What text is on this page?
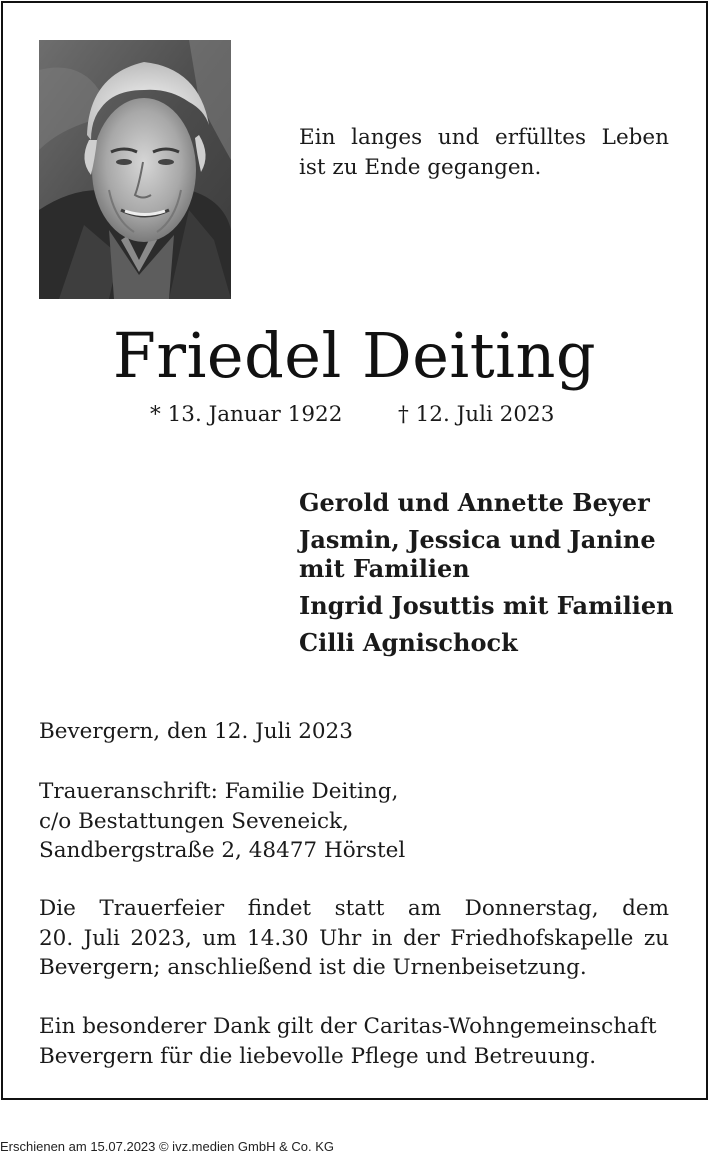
Ein langes und erfülltes Leben
ist zu Ende gegangen.
Friedel Deiting
* 13. Januar 1922	† 12. Juli 2023
Gerold und Annette Beyer
Jasmin, Jessica und Janine mit Familien
Ingrid Josuttis mit Familien
Cilli Agnischock
Bevergern, den 12. Juli 2023
Traueranschrift: Familie Deiting,
c/o Bestattungen Seveneick,
Sandbergstraße 2, 48477 Hörstel
Die Trauerfeier findet statt am Donnerstag, dem
20. Juli 2023, um 14.30 Uhr in der Friedhofskapelle zu
Bevergern; anschließend ist die Urnenbeisetzung.
Ein besonderer Dank gilt der Caritas-Wohngemeinschaft
Bevergern für die liebevolle Pflege und Betreuung.
Erschienen am 15.07.2023 © ivz.medien GmbH & Co. KG
